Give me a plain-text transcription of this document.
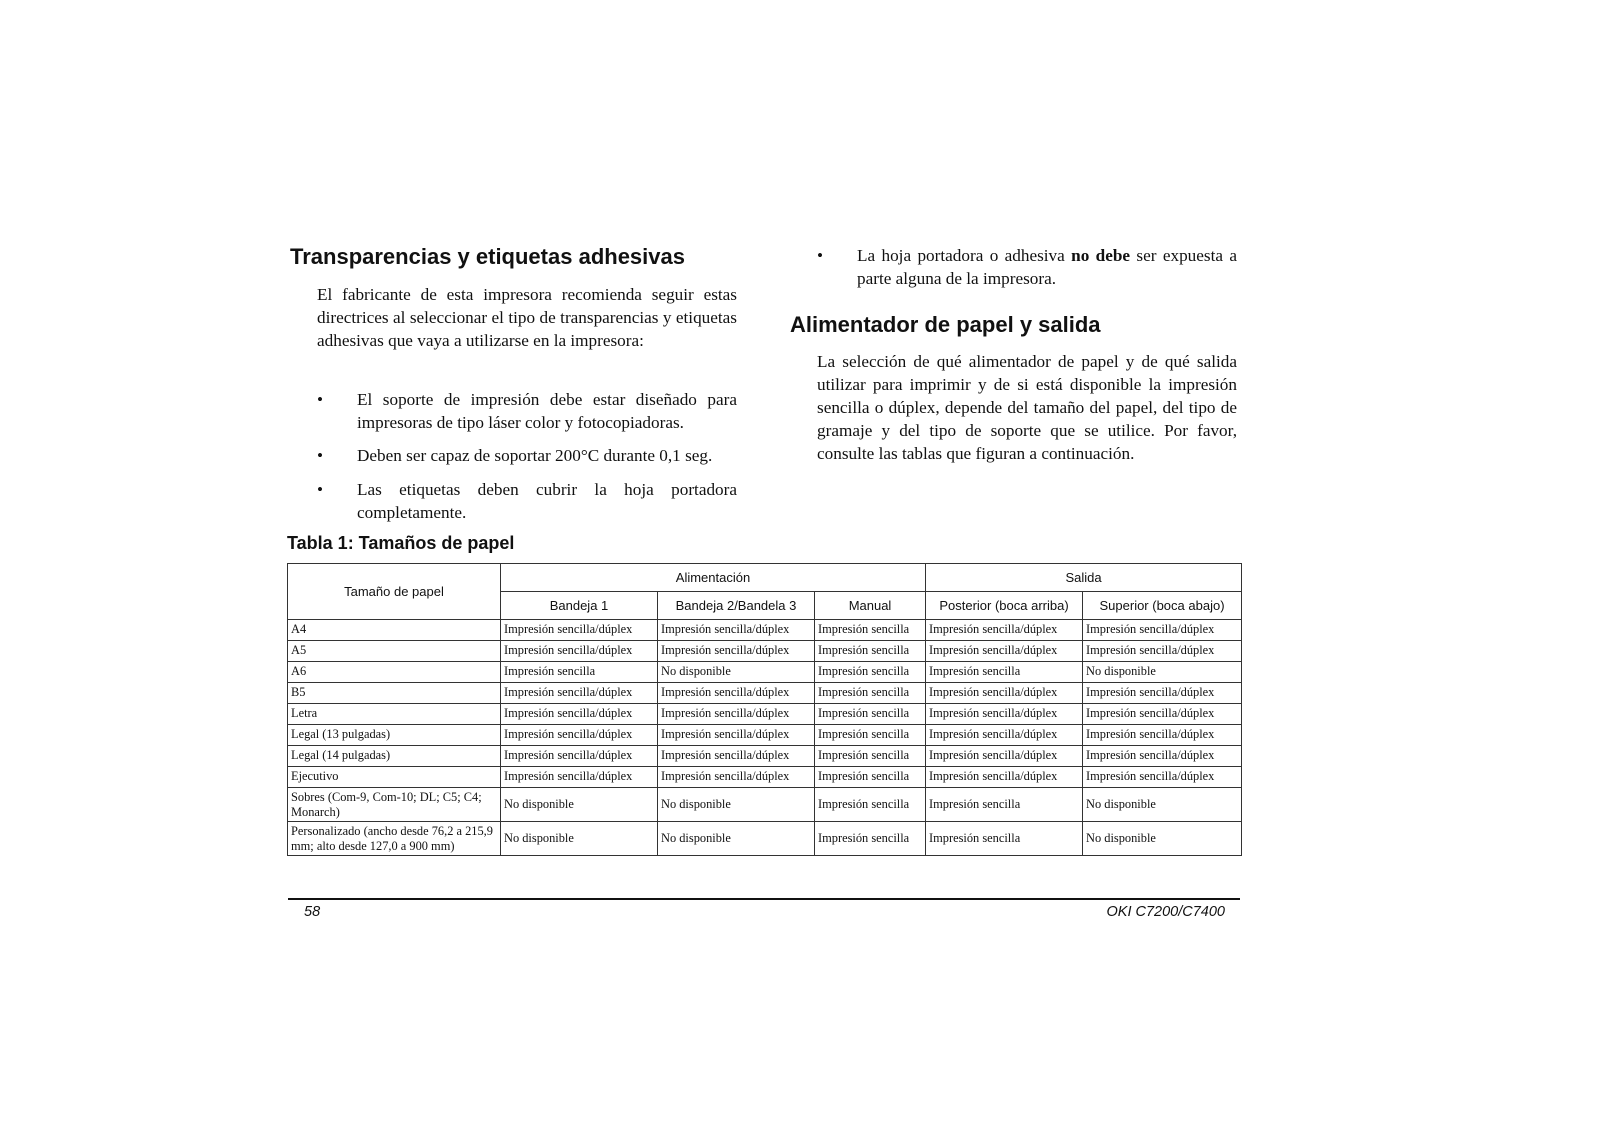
Transparencias y etiquetas adhesivas

El fabricante de esta impresora recomienda seguir estas directrices al seleccionar el tipo de transparencias y etiquetas adhesivas que vaya a utilizarse en la impresora:

• El soporte de impresión debe estar diseñado para impresoras de tipo láser color y fotocopiadoras.
• Deben ser capaz de soportar 200°C durante 0,1 seg.
• Las etiquetas deben cubrir la hoja portadora completamente.
• La hoja portadora o adhesiva no debe ser expuesta a parte alguna de la impresora.
Alimentador de papel y salida

La selección de qué alimentador de papel y de qué salida utilizar para imprimir y de si está disponible la impresión sencilla o dúplex, depende del tamaño del papel, del tipo de gramaje y del tipo de soporte que se utilice. Por favor, consulte las tablas que figuran a continuación.

Tabla 1: Tamaños de papel

Tamaño de papel	Alimentación			Salida	
	Bandeja 1	Bandeja 2/Bandela 3	Manual	Posterior (boca arriba)	Superior (boca abajo)
A4	Impresión sencilla/dúplex	Impresión sencilla/dúplex	Impresión sencilla	Impresión sencilla/dúplex	Impresión sencilla/dúplex
A5	Impresión sencilla/dúplex	Impresión sencilla/dúplex	Impresión sencilla	Impresión sencilla/dúplex	Impresión sencilla/dúplex
A6	Impresión sencilla	No disponible	Impresión sencilla	Impresión sencilla	No disponible
B5	Impresión sencilla/dúplex	Impresión sencilla/dúplex	Impresión sencilla	Impresión sencilla/dúplex	Impresión sencilla/dúplex
Letra	Impresión sencilla/dúplex	Impresión sencilla/dúplex	Impresión sencilla	Impresión sencilla/dúplex	Impresión sencilla/dúplex
Legal (13 pulgadas)	Impresión sencilla/dúplex	Impresión sencilla/dúplex	Impresión sencilla	Impresión sencilla/dúplex	Impresión sencilla/dúplex
Legal (14 pulgadas)	Impresión sencilla/dúplex	Impresión sencilla/dúplex	Impresión sencilla	Impresión sencilla/dúplex	Impresión sencilla/dúplex
Ejecutivo	Impresión sencilla/dúplex	Impresión sencilla/dúplex	Impresión sencilla	Impresión sencilla/dúplex	Impresión sencilla/dúplex
Sobres (Com-9, Com-10; DL; C5; C4; Monarch)	No disponible	No disponible	Impresión sencilla	Impresión sencilla	No disponible
Personalizado (ancho desde 76,2 a 215,9 mm; alto desde 127,0 a 900 mm)	No disponible	No disponible	Impresión sencilla	Impresión sencilla	No disponible

58	OKI C7200/C7400
